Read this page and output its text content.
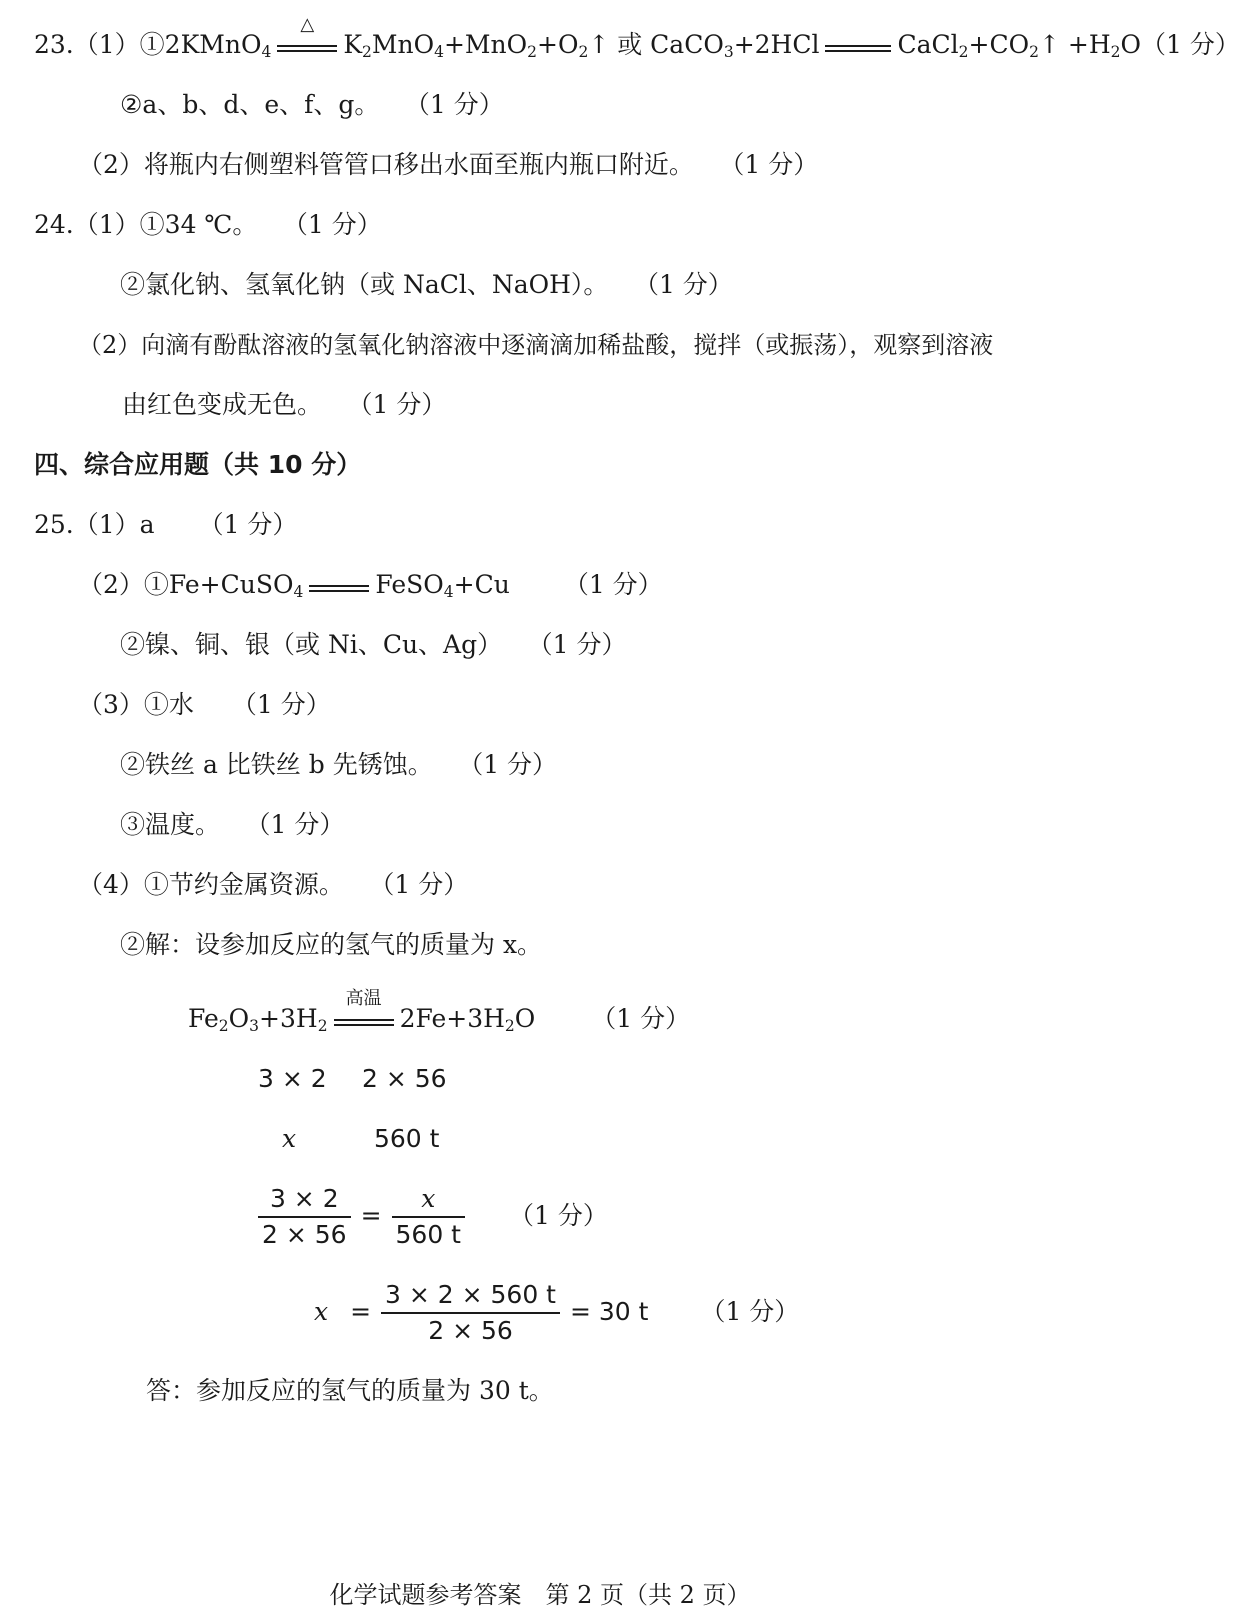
23.（1）①2KMnO$_4$
△
$K_2MnO_4+MnO_2+O_2↑$ 或 CaCO$_3$+2HCl	$CaCl_2+CO_2↑ +H_2O(1$ 分）
②a、b、d、e、f、g。 （1 分）
（2）将瓶内右侧塑料管管口移出水面至瓶内瓶口附近。 （1 分）
24.（1）①34 ℃。 （1 分）
②氯化钠、氢氧化钠（或 NaCl、NaOH）。 （1 分）
（2）向滴有酚酞溶液的氢氧化钠溶液中逐滴滴加稀盐酸，搅拌（或振荡），观察到溶液
由红色变成无色。 （1 分）
四、综合应用题（共 10 分）
25.（1）a （1 分）
（2）①Fe+CuSO$_4$	FeSO$_4$+Cu （1 分）
②镍、铜、银（或 Ni、Cu、Ag） （1 分）
（3）①水 （1 分）
②铁丝 a 比铁丝 b 先锈蚀。 （1 分）
③温度。 （1 分）
（4）①节约金属资源。 （1 分）
②解：设参加反应的氢气的质量为 x。
$Fe_2O_3+3H_2$
高温
$2Fe+3H_2O$ （1 分）
3 × 2 2 × 56
x	560 t
$\frac{3 \times 2}{2 \times 56} = \frac{x}{560 t} (1$ 分）
$x = \frac{3 \times 2 \times 560 t}{2 \times 56} = 30$ t （1 分）
答：参加反应的氢气的质量为 30 t。
化学试题参考答案　第 2 页（共 2 页）
